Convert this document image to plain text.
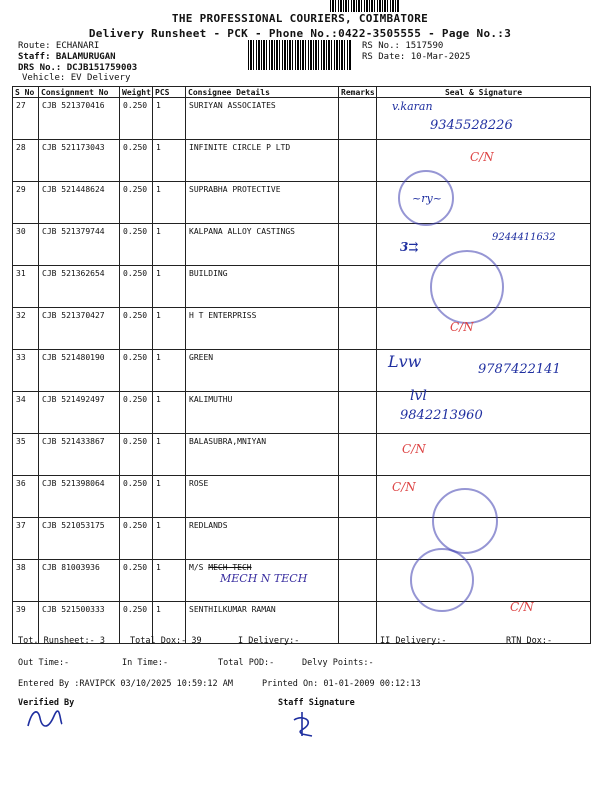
THE PROFESSIONAL COURIERS, COIMBATORE
Delivery Runsheet - PCK - Phone No.:0422-3505555 - Page No.:3
Route: ECHANARI
Staff: BALAMURUGAN
DRS No.: DCJB151759003
Vehicle: EV Delivery
RS No.: 1517590
RS Date: 10-Mar-2025
S No	Consignment No	Weight	PCS	Consignee Details	Remarks	Seal & Signature
27	CJB 521370416	0.250	1	SURIYAN ASSOCIATES		
28	CJB 521173043	0.250	1	INFINITE CIRCLE P LTD		
29	CJB 521448624	0.250	1	SUPRABHA PROTECTIVE		
30	CJB 521379744	0.250	1	KALPANA ALLOY CASTINGS		
31	CJB 521362654	0.250	1	BUILDING		
32	CJB 521370427	0.250	1	H T ENTERPRISS		
33	CJB 521480190	0.250	1	GREEN		
34	CJB 521492497	0.250	1	KALIMUTHU		
35	CJB 521433867	0.250	1	BALASUBRA,MNIYAN		
36	CJB 521398064	0.250	1	ROSE		
37	CJB 521053175	0.250	1	REDLANDS		
38	CJB 81003936	0.250	1	M/S MECH TECH		
39	CJB 521500333	0.250	1	SENTHILKUMAR RAMAN		
v.karan
9345528226
C/N
~ry~
3⇉
9244411632
C/N
Lvw	9787422141
lvl
9842213960
C/N
C/N
MECH N TECH
C/N
Tot. Runsheet:- 3	Total Dox:- 39	I Delivery:-	II Delivery:-	RTN Dox:-
Out Time:-	In Time:-	Total POD:-	Delvy Points:-
Entered By :RAVIPCK 03/10/2025 10:59:12 AM	Printed On: 01-01-2009 00:12:13
Verified By	Staff Signature
